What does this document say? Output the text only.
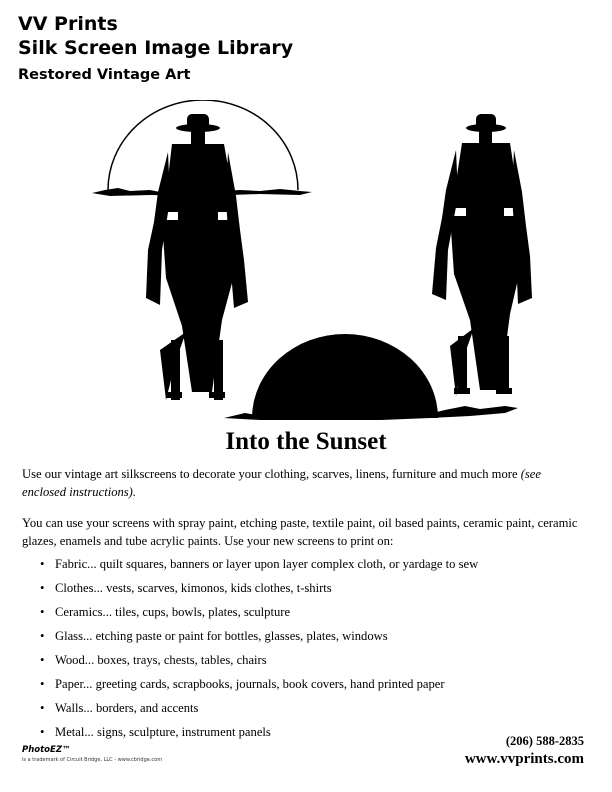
VV Prints
Silk Screen Image Library
Restored Vintage Art
Into the Sunset
Use our vintage art silkscreens to decorate your clothing, scarves, linens, furniture and much more (see enclosed instructions).
You can use your screens with spray paint, etching paste, textile paint, oil based paints, ceramic paint, ceramic glazes, enamels and tube acrylic paints. Use your new screens to print on:
• Fabric... quilt squares, banners or layer upon layer complex cloth, or yardage to sew
• Clothes... vests, scarves, kimonos, kids clothes, t-shirts
• Ceramics... tiles, cups, bowls, plates, sculpture
• Glass... etching paste or paint for bottles, glasses, plates, windows
• Wood... boxes, trays, chests, tables, chairs
• Paper... greeting cards, scrapbooks, journals, book covers, hand printed paper
• Walls... borders, and accents
• Metal... signs, sculpture, instrument panels
PhotoEZ™
is a trademark of Circuit Bridge, LLC - www.cbridge.com
(206) 588-2835
www.vvprints.com
